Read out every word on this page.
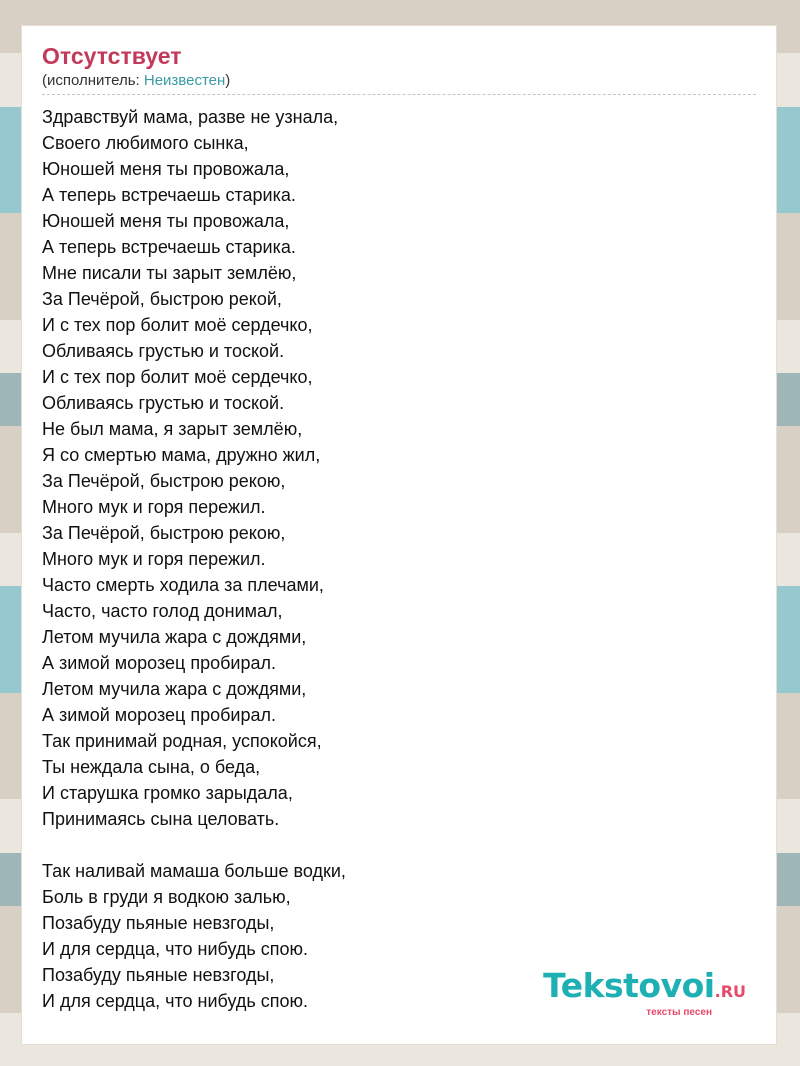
Отсутствует
(исполнитель: Неизвестен)
Здравствуй мама, разве не узнала,
Своего любимого сынка,
Юношей меня ты провожала,
А теперь встречаешь старика.
Юношей меня ты провожала,
А теперь встречаешь старика.
Мне писали ты зарыт землёю,
За Печёрой, быстрою рекой,
И с тех пор болит моё сердечко,
Обливаясь грустью и тоской.
И с тех пор болит моё сердечко,
Обливаясь грустью и тоской.
Не был мама, я зарыт землёю,
Я со смертью мама, дружно жил,
За Печёрой, быстрою рекою,
Много мук и горя пережил.
За Печёрой, быстрою рекою,
Много мук и горя пережил.
Часто смерть ходила за плечами,
Часто, часто голод донимал,
Летом мучила жара с дождями,
А зимой морозец пробирал.
Летом мучила жара с дождями,
А зимой морозец пробирал.
Так принимай родная, успокойся,
Ты неждала сына, о беда,
И старушка громко зарыдала,
Принимаясь сына целовать.
Так наливай мамаша больше водки,
Боль в груди я водкою залью,
Позабуду пьяные невзгоды,
И для сердца, что нибудь спою.
Позабуду пьяные невзгоды,
И для сердца, что нибудь спою.	Tekstovoi.RU
тексты песен
